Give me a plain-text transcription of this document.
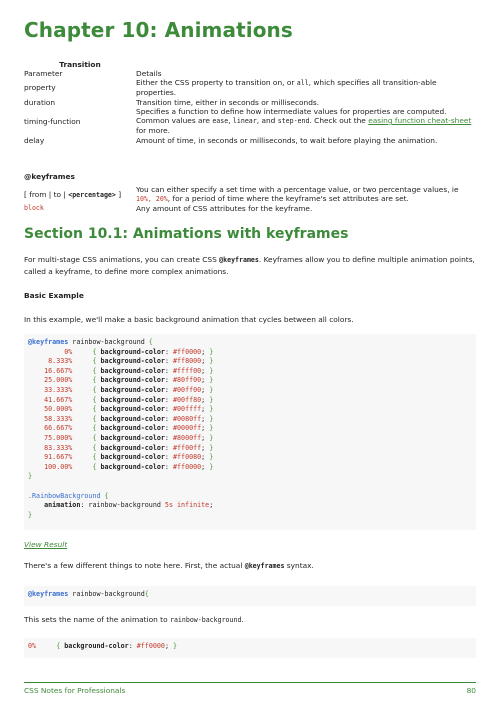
Chapter 10: Animations
Transition	
Parameter	Details
property	Either the CSS property to transition on, or all, which specifies all transition-able properties.
duration	Transition time, either in seconds or milliseconds.
timing-function	Specifies a function to define how intermediate values for properties are computed. Common values are ease, linear, and step-end. Check out the easing function cheat-sheet for more.
delay	Amount of time, in seconds or milliseconds, to wait before playing the animation.
@keyframes	
[ from | to | <percentage> ]	You can either specify a set time with a percentage value, or two percentage values, ie 10%, 20%, for a period of time where the keyframe's set attributes are set.
block	Any amount of CSS attributes for the keyframe.
Section 10.1: Animations with keyframes
For multi-stage CSS animations, you can create CSS @keyframes. Keyframes allow you to define multiple animation points, called a keyframe, to define more complex animations.
Basic Example
In this example, we'll make a basic background animation that cycles between all colors.
@keyframes rainbow-background {
0%	{ background-color: #ff0000; }
8.333%	{ background-color: #ff8000; }
16.667%	{ background-color: #ffff00; }
25.000%	{ background-color: #80ff00; }
33.333%	{ background-color: #00ff00; }
41.667%	{ background-color: #00ff80; }
50.000%	{ background-color: #00ffff; }
58.333%	{ background-color: #0080ff; }
66.667%	{ background-color: #0000ff; }
75.000%	{ background-color: #8000ff; }
83.333%	{ background-color: #ff00ff; }
91.667%	{ background-color: #ff0080; }
100.00%	{ background-color: #ff0000; }
}
.RainbowBackground {
animation: rainbow-background 5s infinite;
}
View Result
There's a few different things to note here. First, the actual @keyframes syntax.
@keyframes rainbow-background{
This sets the name of the animation to rainbow-background.
0%	{ background-color: #ff0000; }
CSS Notes for Professionals	80
